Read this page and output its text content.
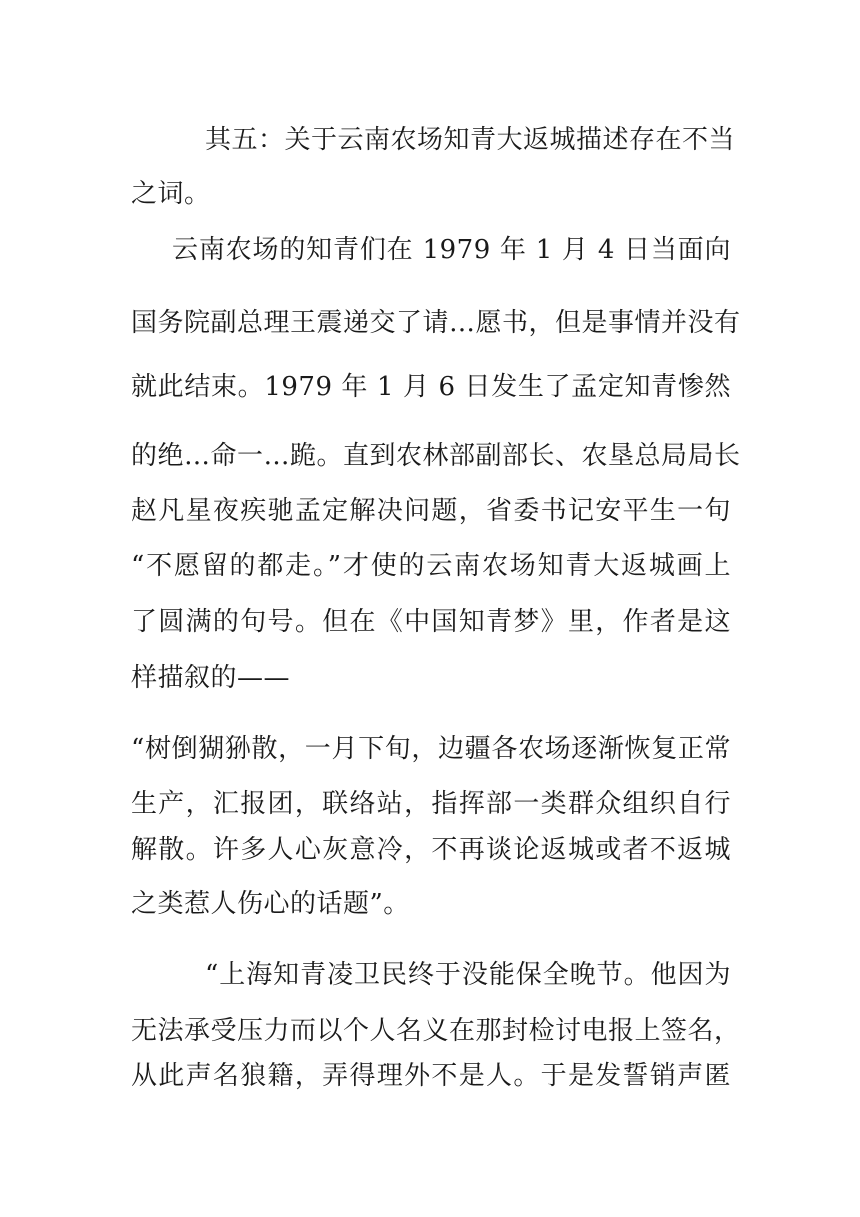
其五：关于云南农场知青大返城描述存在不当
之词。
云南农场的知青们在 1979 年 1 月 4 日当面向
国务院副总理王震递交了请…愿书，但是事情并没有
就此结束。1979 年 1 月 6 日发生了孟定知青惨然
的绝…命一…跪。直到农林部副部长、农垦总局局长
赵凡星夜疾驰孟定解决问题，省委书记安平生一句
“不愿留的都走。”才使的云南农场知青大返城画上
了圆满的句号。但在《中国知青梦》里，作者是这
样描叙的——
“树倒猢狲散，一月下旬，边疆各农场逐渐恢复正常
生产，汇报团，联络站，指挥部一类群众组织自行
解散。许多人心灰意冷，不再谈论返城或者不返城
之类惹人伤心的话题”。
“上海知青凌卫民终于没能保全晚节。他因为
无法承受压力而以个人名义在那封检讨电报上签名，
从此声名狼籍，弄得理外不是人。于是发誓销声匿
